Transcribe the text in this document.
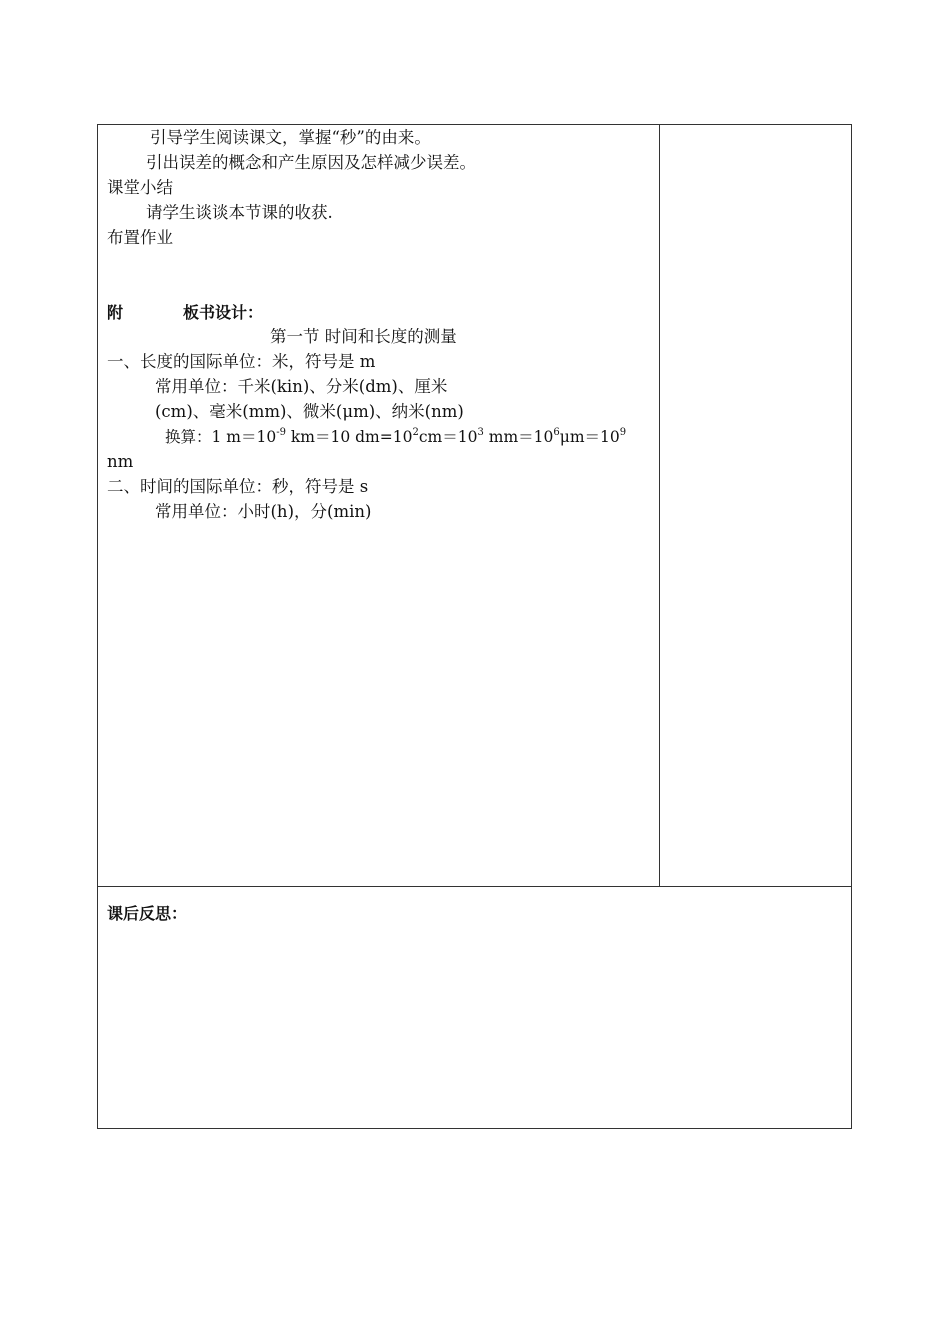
引导学生阅读课文，掌握“秒”的由来。
引出误差的概念和产生原因及怎样减少误差。
课堂小结
请学生谈谈本节课的收获.
布置作业
附	板书设计：
第一节 时间和长度的测量
一、长度的国际单位：米，符号是 m
常用单位：千米(kin)、分米(dm)、厘米
(cm)、毫米(mm)、微米(μm)、纳米(nm)
换算：1 $m=10^{-9}$ km＝10 $dm=10^2cm=10^3$ $mm=10^6\mu m=10^9$
nm
二、时间的国际单位：秒，符号是 s
常用单位：小时(h)，分(min)
课后反思：
